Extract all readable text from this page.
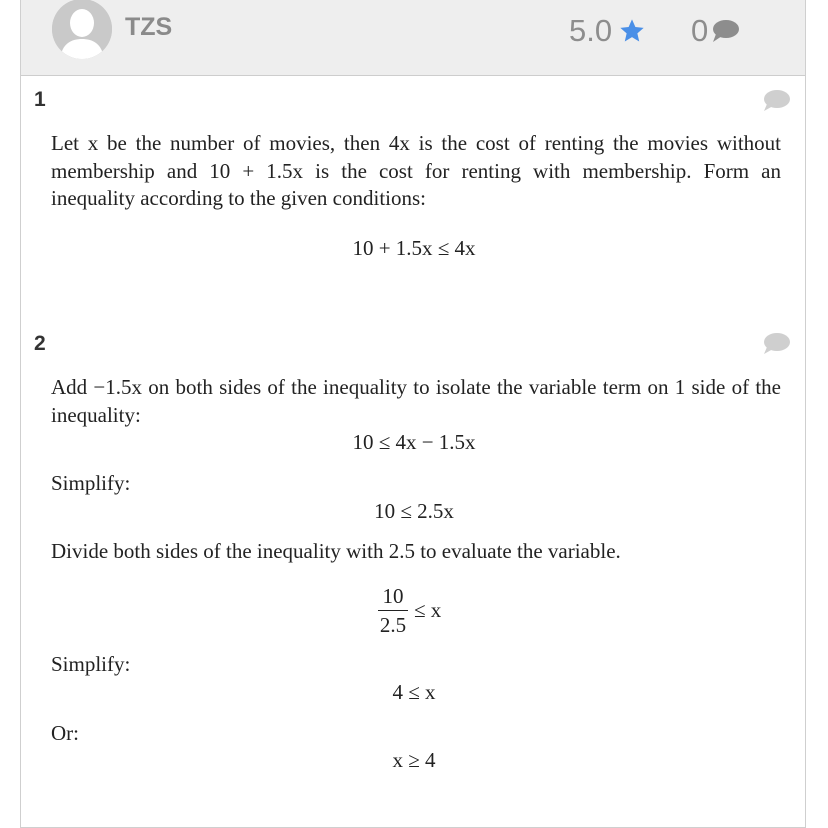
TZS	5.0	0
1
Let x be the number of movies, then 4x is the cost of renting the movies without membership and 10 + 1.5x is the cost for renting with membership. Form an inequality according to the given conditions:
10 + 1.5x ≤ 4x
2
Add −1.5x on both sides of the inequality to isolate the variable term on 1 side of the inequality:
10 ≤ 4x − 1.5x
Simplify:
10 ≤ 2.5x
Divide both sides of the inequality with 2.5 to evaluate the variable.
$\frac{10}{2.5} \le x$
Simplify:
4 ≤ x
Or:
x ≥ 4
